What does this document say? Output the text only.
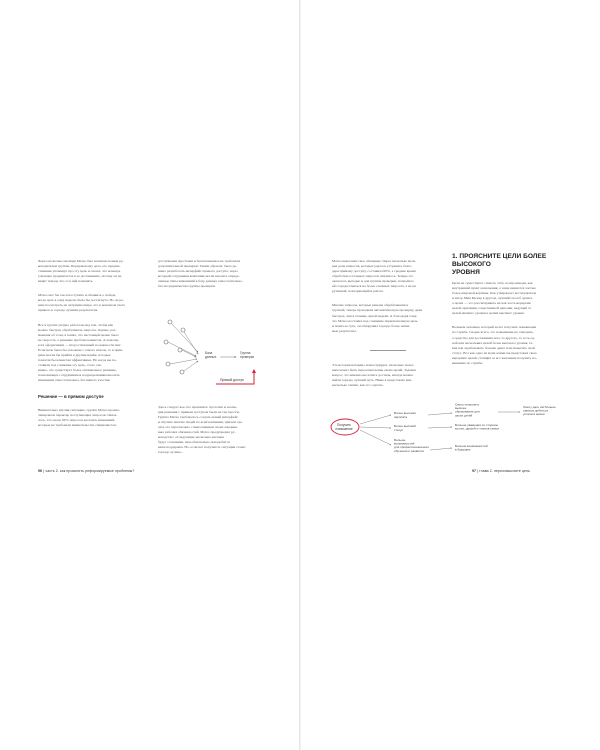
Через несколько месяцев Матео был назначен новым ру-
ководителем группы. Передавая ему дела, его предше-
ственник упомянул про эту цель и сказал, что команда
усиленно продвигается к ее достижению, потому он не
видит повода что-то в ней поменять.

Матео мог бы так и поступить и объявить о победе,
когда цель в одну неделю была бы достигнута. Но он ре-
шил посмотреть на ситуацию шире, что в конечном счете
привело к гораздо лучшим результатам.

Все в группе упорно работали над тем, чтобы как
можно быстрее обрабатывать запросы. Однако, раз-
мышляя об этом, я понял, что настоящей целью было
не скорость, а решение проблем клиентов. А помощь
в их оформлении — второстепенный по важности шаг.
Если цель была бы заложена с самого начала, то в прин-
ципе могли бы прийти к другим идеям, которые
помогли бы клиентам эффективнее. Но когда вы по-
ставили под сомнение эту цель, стало оче-
видно, что существует более оптимальное решение,
позволяющее сотрудникам и подразделениям вносить
изменения самостоятельно, без вашего участия.

Решение — в прямом доступе

Внимательно изучив ситуацию, группа Матео проана-
лизировала характер поступающих запросов. Оказа-
лось, что около 60% запросов касались изменений,
которые не требовали вмешательства специалистов.

доступными простыми и безопасными и не требовали
дополнительной проверки. Таким образом, было ре-
шено разработать интерфейс прямого доступа, через
который сотрудники компании могли вносить опреде-
ленные типы изменений в базу данных самостоятельно,
без посредничества группы проверки.

База данных
Группа проверки
Прямой доступ

Здесь следует кое-что прояснить: прототип и эволю-
ция решения с прямым доступом были не так просты.
Группа Матео требовалось создать новый интерфейс
и обучить многих людей по всей компании, причем сде-
лать это параллельно с выполнением своих ежеднев-
ных рабочих обязанностей. Матео предупредил ру-
ководство: «Следующие несколько месяцев
будут сложными, нам обязательно понадобится
ваша поддержка. Но, если все получится, ситуация станет
гораздо лучше».

96 | часть 2. как прояснить реформируемые проблемы?

Матео выполнил свое обещание. Через несколько меся-
цев доля запросов, которые удалось устранить благо-
даря прямому доступу, составила 60%, а среднее время
обработки остальных запросов снизилось. Теперь это
оказалось выгодно и для группы проверки, позволило
ей сосредоточиться на более сложных запросах, а не на
рутинной, повторяющейся работе.

Многие запросы, которые раньше обрабатывались
группой, теперь проходили автоматическую проверку, даже
быстрее, чем в течение одной недели. А благодаря тому,
что Матео поставил под сомнение первоначальную цель
и понял ее суть, он обнаружил гораздо более значи-
мые результаты.

Эта история наглядно иллюстрирует, насколько полез-
ным может быть переосмысление своих целей. Задавая
вопрос, что именно вы хотите достичь, иногда можно
найти гораздо лучший путь. Ниже я представлю вам
несколько тактик, как это сделать.

1. ПРОЯСНИТЕ ЦЕЛИ БОЛЕЕ ВЫСОКОГО
УРОВНЯ

Цели не существуют сами по себе, воспроизводя, как
внутренний пункт назначения, а чаще являются частью
более широкой картины. Как утверждает исследователь
и автор Мин Баскар в другом, лучший способ думать
о целях — это рассматривать их как часть иерархии
целей, причинно-следственной цепочки, ведущей от
целей низшего уровня к целям высшего уровня.

Возьмем человека, который хочет получить повышение
по службе. Скорее всего, это повышение не самоцель,
а средство для достижения чего-то другого, то есть од-
ной или нескольких целей более высокого уровня, та-
ких как зарабатывать больше денег или повысить свой
статус. Вот как одно из моих клиентов представил свою
иерархию целей, стоящих за его желанием получить по-
вышение по службе:

Получить повышение
Более высокая зарплата
Более высокий статус
Больше возможностей для профессионального обучения и развития
Смогу позволить высшее образование для своих детей
Больше уважения со стороны коллег, друзей и членов семьи
Больше возможностей в будущем
Смогу дать им больше шансов добиться успеха в жизни
97 | глава 2. переосмыслите цель
